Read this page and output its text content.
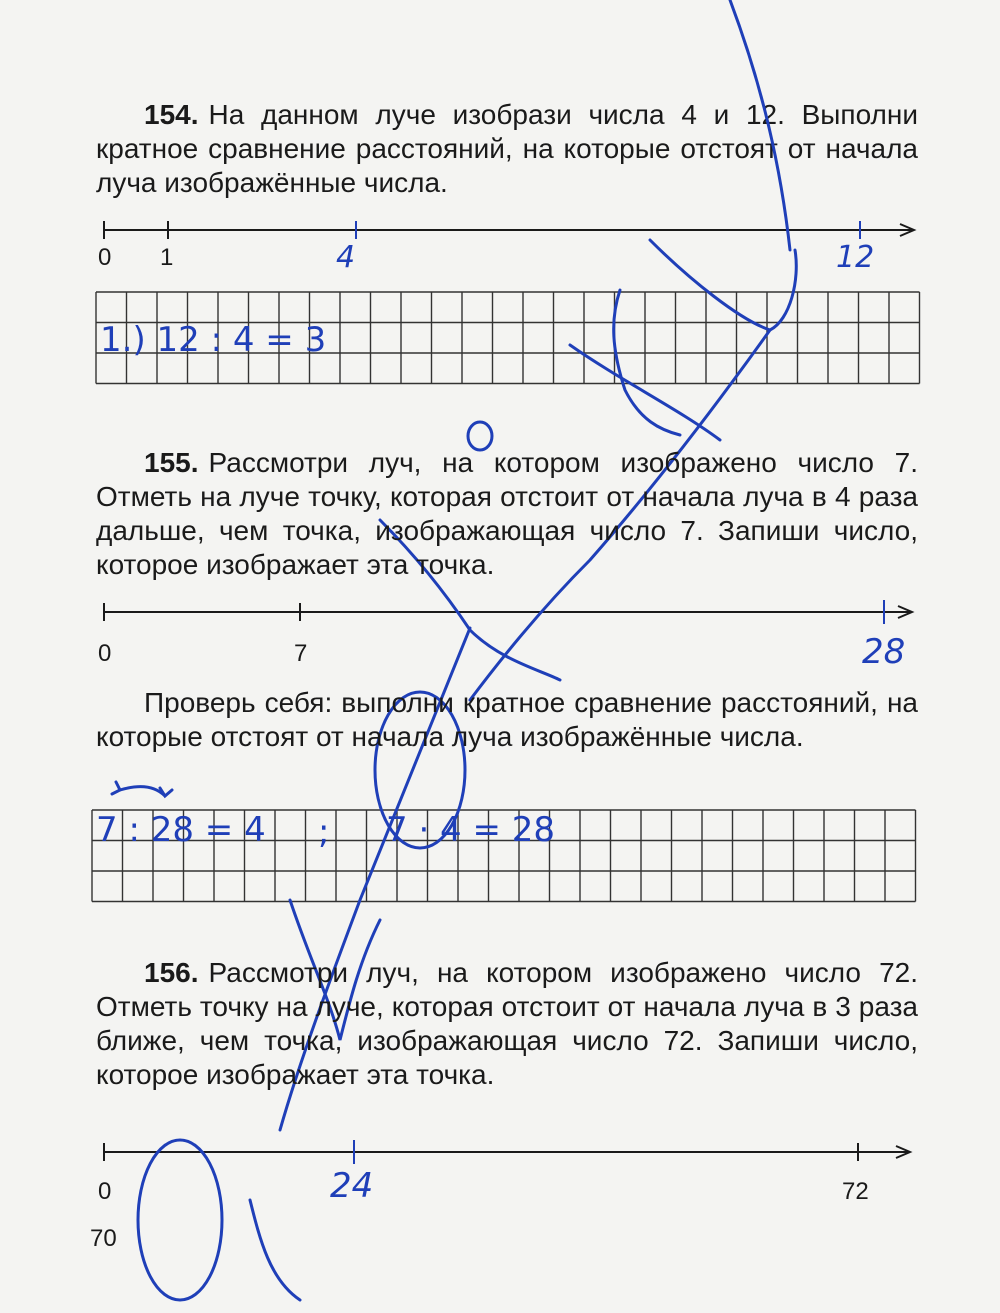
154. На данном луче изобрази числа 4 и 12. Выполни кратное сравнение расстояний, на которые отстоят от начала луча изображённые числа.

0 1	4	12
1.) 12 : 4 = 3

155. Рассмотри луч, на котором изображено число 7. Отметь на луче точку, которая отстоит от начала луча в 4 раза дальше, чем точка, изображающая число 7. Запиши число, которое изображает эта точка.

0	7	28

Проверь себя: выполни кратное сравнение расстояний, на которые отстоят от начала луча изображённые числа.

7 : 28 = 4 ; 7 · 4 = 28

156. Рассмотри луч, на котором изображено число 72. Отметь точку на луче, которая отстоит от начала луча в 3 раза ближе, чем точка, изображающая число 72. Запиши число, которое изображает эта точка.

0	24	72
70
